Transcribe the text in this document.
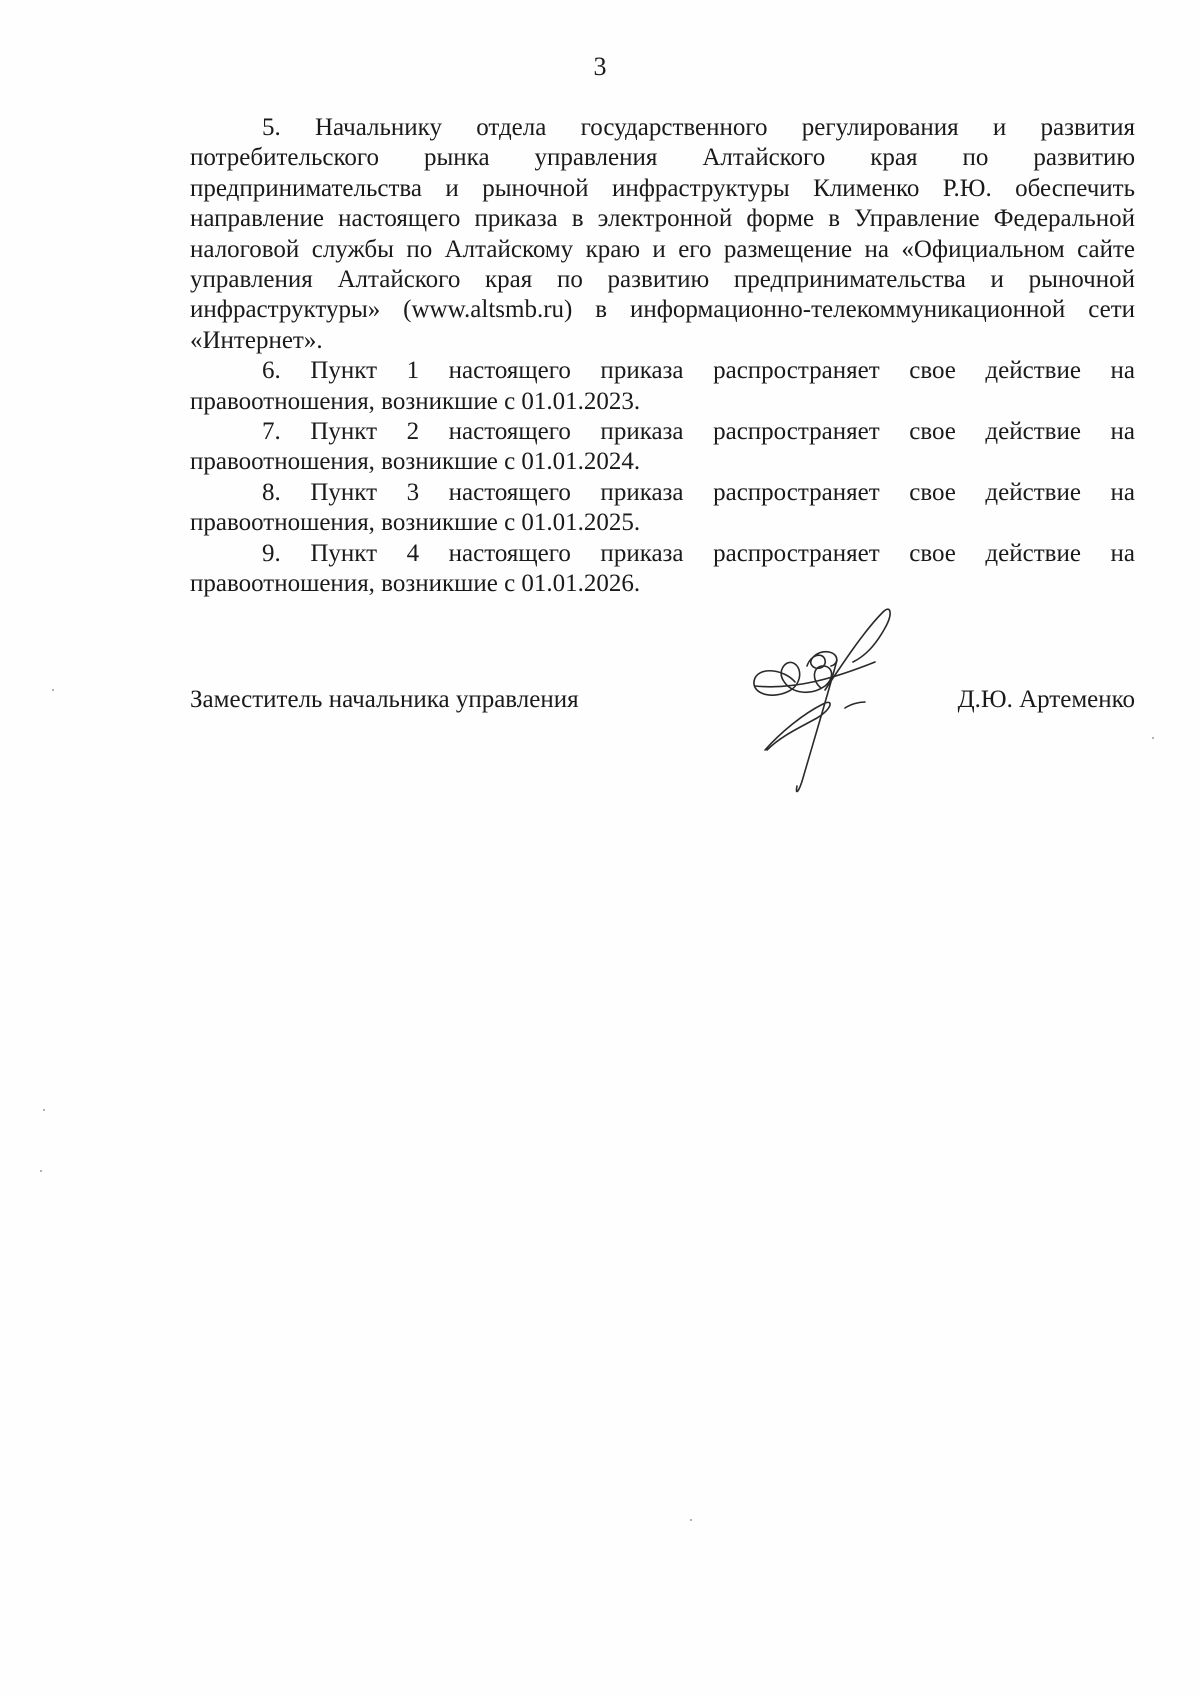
3

5. Начальнику отдела государственного регулирования и развития потребительского рынка управления Алтайского края по развитию предпринимательства и рыночной инфраструктуры Клименко Р.Ю. обеспечить направление настоящего приказа в электронной форме в Управление Федеральной налоговой службы по Алтайскому краю и его размещение на «Официальном сайте управления Алтайского края по развитию предпринимательства и рыночной инфраструктуры» (www.altsmb.ru) в информационно-телекоммуникационной сети «Интернет».

6. Пункт 1 настоящего приказа распространяет свое действие на правоотношения, возникшие с 01.01.2023.

7. Пункт 2 настоящего приказа распространяет свое действие на правоотношения, возникшие с 01.01.2024.

8. Пункт 3 настоящего приказа распространяет свое действие на правоотношения, возникшие с 01.01.2025.

9. Пункт 4 настоящего приказа распространяет свое действие на правоотношения, возникшие с 01.01.2026.

Заместитель начальника управления	Д.Ю. Артеменко
